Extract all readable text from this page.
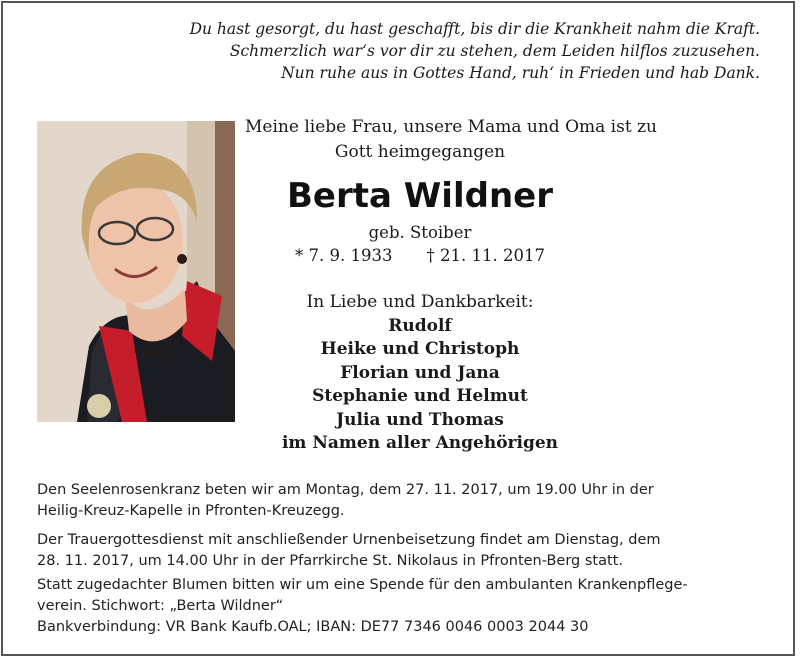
Du hast gesorgt, du hast geschafft, bis dir die Krankheit nahm die Kraft.
Schmerzlich war‘s vor dir zu stehen, dem Leiden hilflos zuzusehen.
Nun ruhe aus in Gottes Hand, ruh‘ in Frieden und hab Dank.
Meine liebe Frau, unsere Mama und Oma ist zu
Gott heimgegangen
Berta Wildner
geb. Stoiber
* 7. 9. 1933 † 21. 11. 2017
In Liebe und Dankbarkeit:
Rudolf
Heike und Christoph
Florian und Jana
Stephanie und Helmut
Julia und Thomas
im Namen aller Angehörigen
Den Seelenrosenkranz beten wir am Montag, dem 27. 11. 2017, um 19.00 Uhr in der
Heilig-Kreuz-Kapelle in Pfronten-Kreuzegg.
Der Trauergottesdienst mit anschließender Urnenbeisetzung findet am Dienstag, dem
28. 11. 2017, um 14.00 Uhr in der Pfarrkirche St. Nikolaus in Pfronten-Berg statt.
Statt zugedachter Blumen bitten wir um eine Spende für den ambulanten Krankenpflege-
verein. Stichwort: „Berta Wildner“
Bankverbindung: VR Bank Kaufb.OAL; IBAN: DE77 7346 0046 0003 2044 30
